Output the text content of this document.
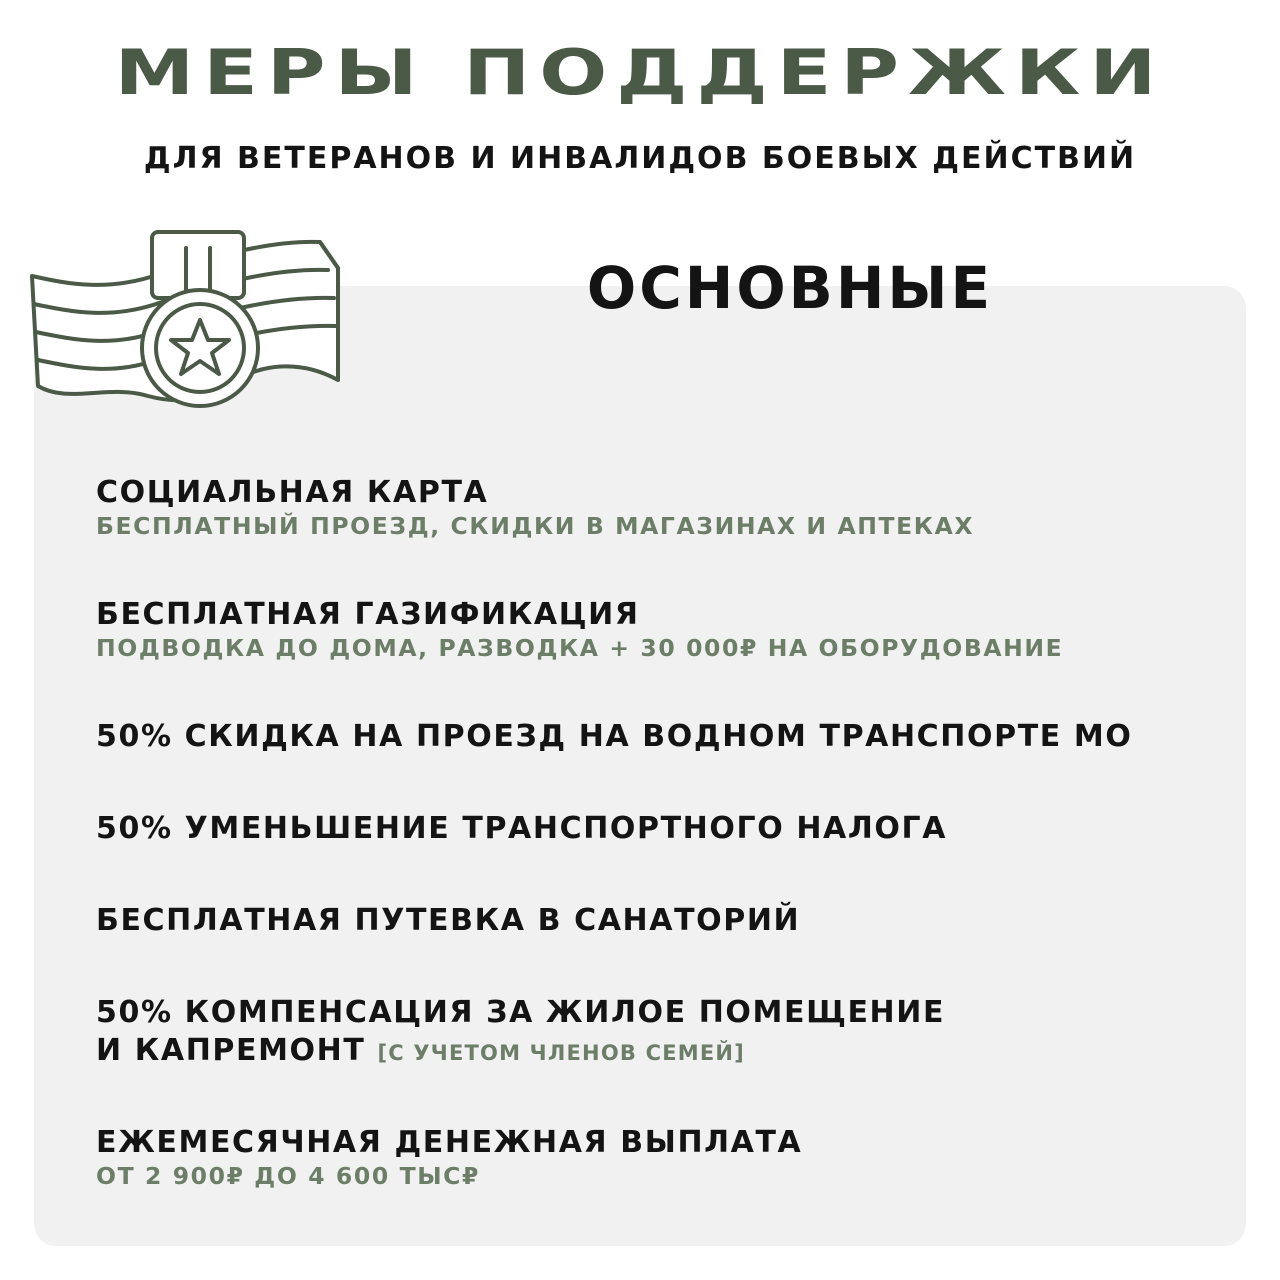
МЕРЫ ПОДДЕРЖКИ
ДЛЯ ВЕТЕРАНОВ И ИНВАЛИДОВ БОЕВЫХ ДЕЙСТВИЙ
ОСНОВНЫЕ
СОЦИАЛЬНАЯ КАРТА
БЕСПЛАТНЫЙ ПРОЕЗД, СКИДКИ В МАГАЗИНАХ И АПТЕКАХ
БЕСПЛАТНАЯ ГАЗИФИКАЦИЯ
ПОДВОДКА ДО ДОМА, РАЗВОДКА + 30 000₽ НА ОБОРУДОВАНИЕ
50% СКИДКА НА ПРОЕЗД НА ВОДНОМ ТРАНСПОРТЕ МО
50% УМЕНЬШЕНИЕ ТРАНСПОРТНОГО НАЛОГА
БЕСПЛАТНАЯ ПУТЕВКА В САНАТОРИЙ
50% КОМПЕНСАЦИЯ ЗА ЖИЛОЕ ПОМЕЩЕНИЕ
И КАПРЕМОНТ [С УЧЕТОМ ЧЛЕНОВ СЕМЕЙ]
ЕЖЕМЕСЯЧНАЯ ДЕНЕЖНАЯ ВЫПЛАТА
ОТ 2 900₽ ДО 4 600 ТЫС₽
